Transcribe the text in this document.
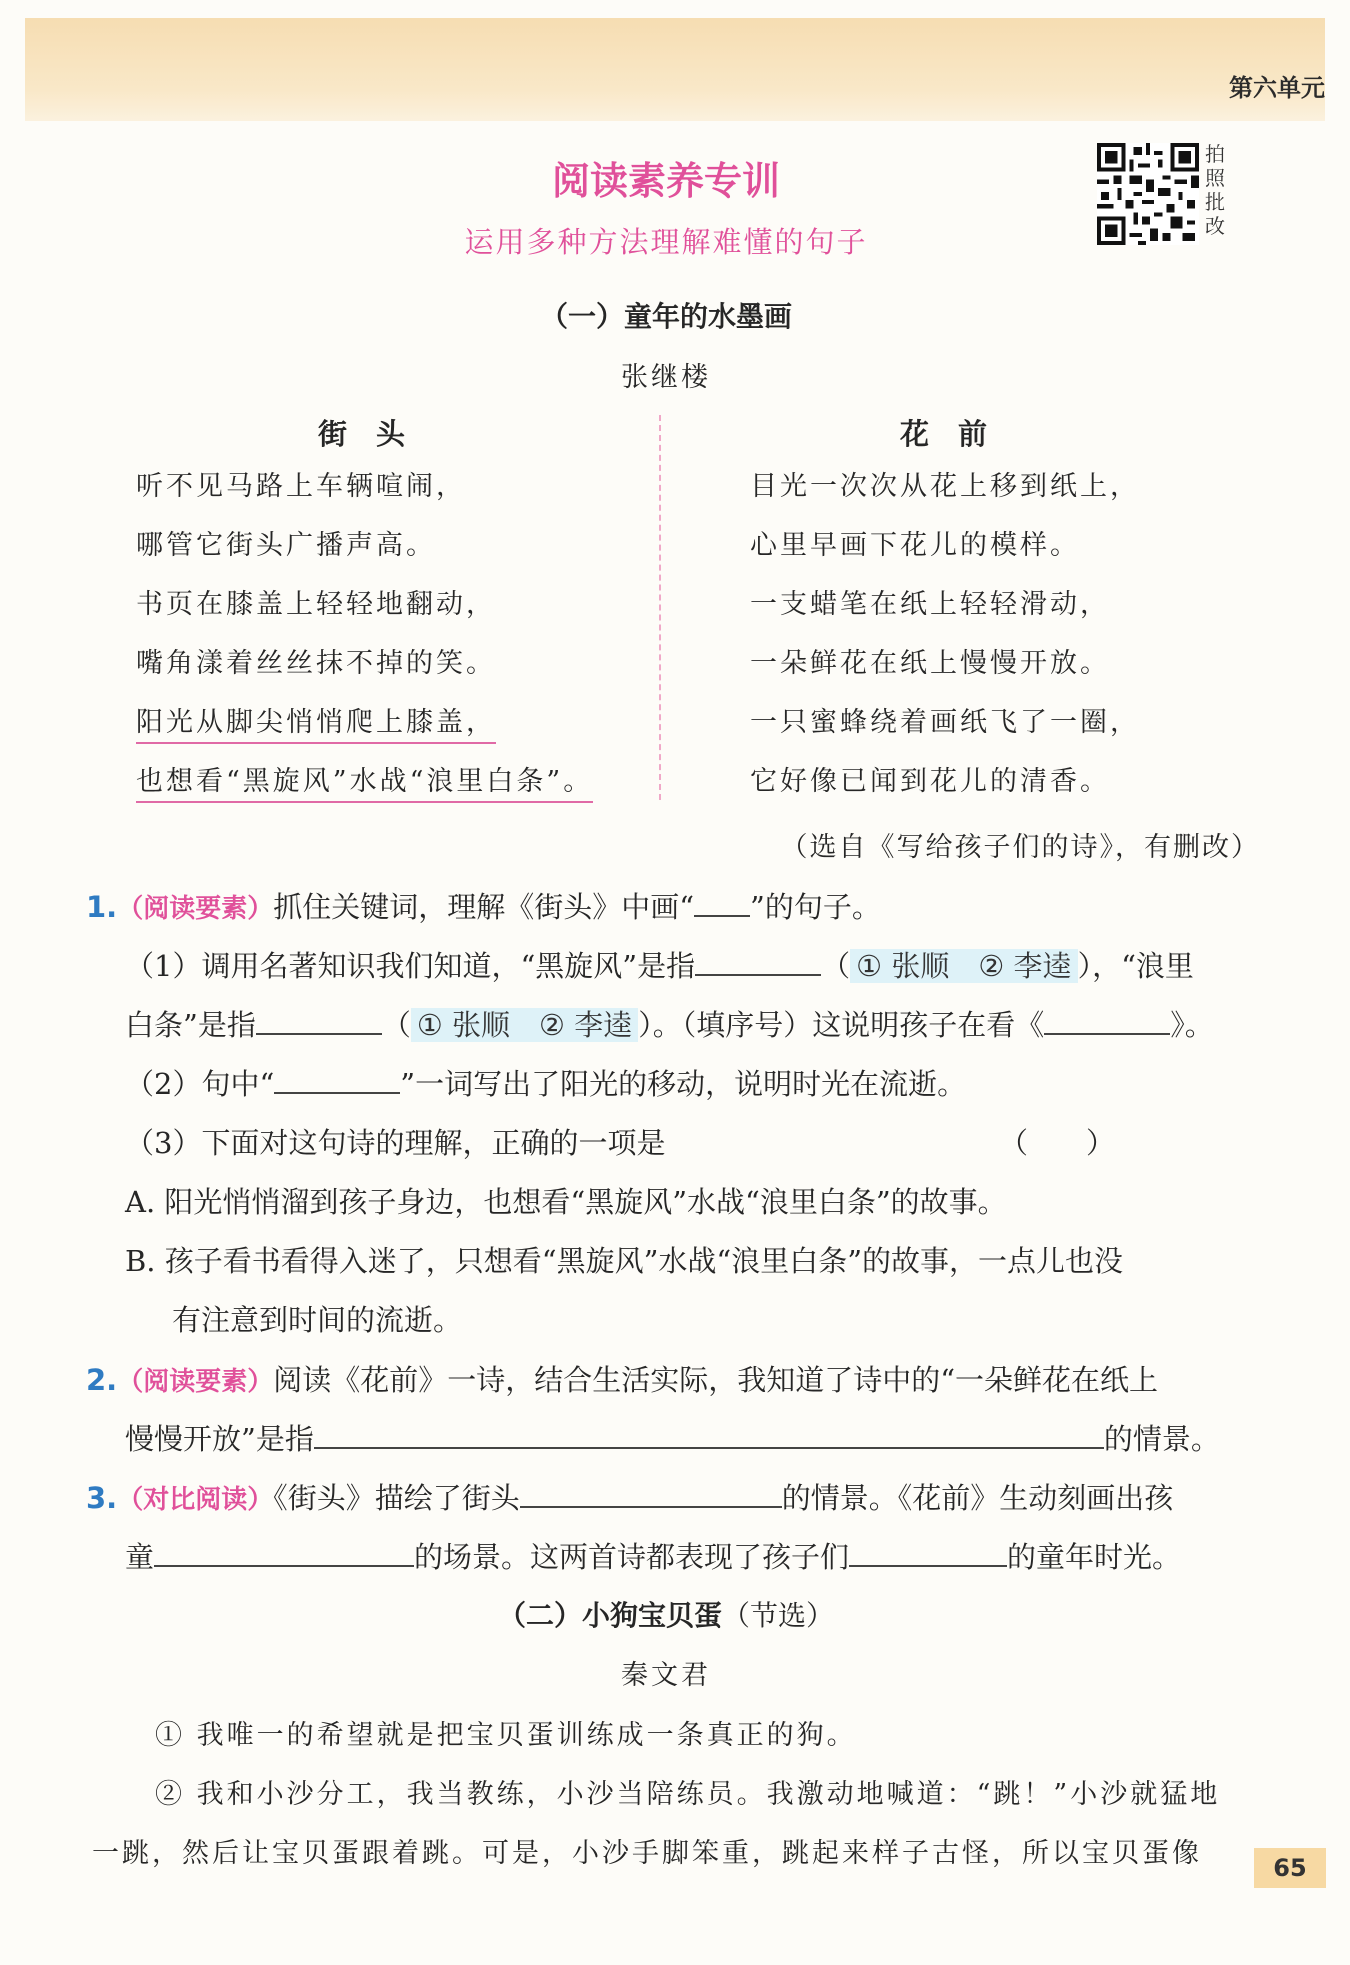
第六单元
拍照批改
阅读素养专训
运用多种方法理解难懂的句子
（一）童年的水墨画
张继楼
街　头	花　前
听不见马路上车辆喧闹，
哪管它街头广播声高。
书页在膝盖上轻轻地翻动，
嘴角漾着丝丝抹不掉的笑。
阳光从脚尖悄悄爬上膝盖，
也想看“黑旋风”水战“浪里白条”。
目光一次次从花上移到纸上，
心里早画下花儿的模样。
一支蜡笔在纸上轻轻滑动，
一朵鲜花在纸上慢慢开放。
一只蜜蜂绕着画纸飞了一圈，
它好像已闻到花儿的清香。
（选自《写给孩子们的诗》，有删改）
1.（阅读要素）抓住关键词，理解《街头》中画“ ”的句子。
（1）调用名著知识我们知道，“黑旋风”是指	（ ① 张顺　② 李逵 ），“浪里
白条”是指	（ ① 张顺　② 李逵 ）。（填序号）这说明孩子在看《	》。
（2）句中“	”一词写出了阳光的移动，说明时光在流逝。
（3）下面对这句诗的理解，正确的一项是	（　　）
A. 阳光悄悄溜到孩子身边，也想看“黑旋风”水战“浪里白条”的故事。
B. 孩子看书看得入迷了，只想看“黑旋风”水战“浪里白条”的故事，一点儿也没
有注意到时间的流逝。
2.（阅读要素）阅读《花前》一诗，结合生活实际，我知道了诗中的“一朵鲜花在纸上
慢慢开放”是指	的情景。
3.（对比阅读）《街头》描绘了街头	的情景。《花前》生动刻画出孩
童	的场景。这两首诗都表现了孩子们	的童年时光。
（二）小狗宝贝蛋（节选）
秦文君
① 我唯一的希望就是把宝贝蛋训练成一条真正的狗。
② 我和小沙分工，我当教练，小沙当陪练员。我激动地喊道：“跳！”小沙就猛地
一跳，然后让宝贝蛋跟着跳。可是，小沙手脚笨重，跳起来样子古怪，所以宝贝蛋像	65
